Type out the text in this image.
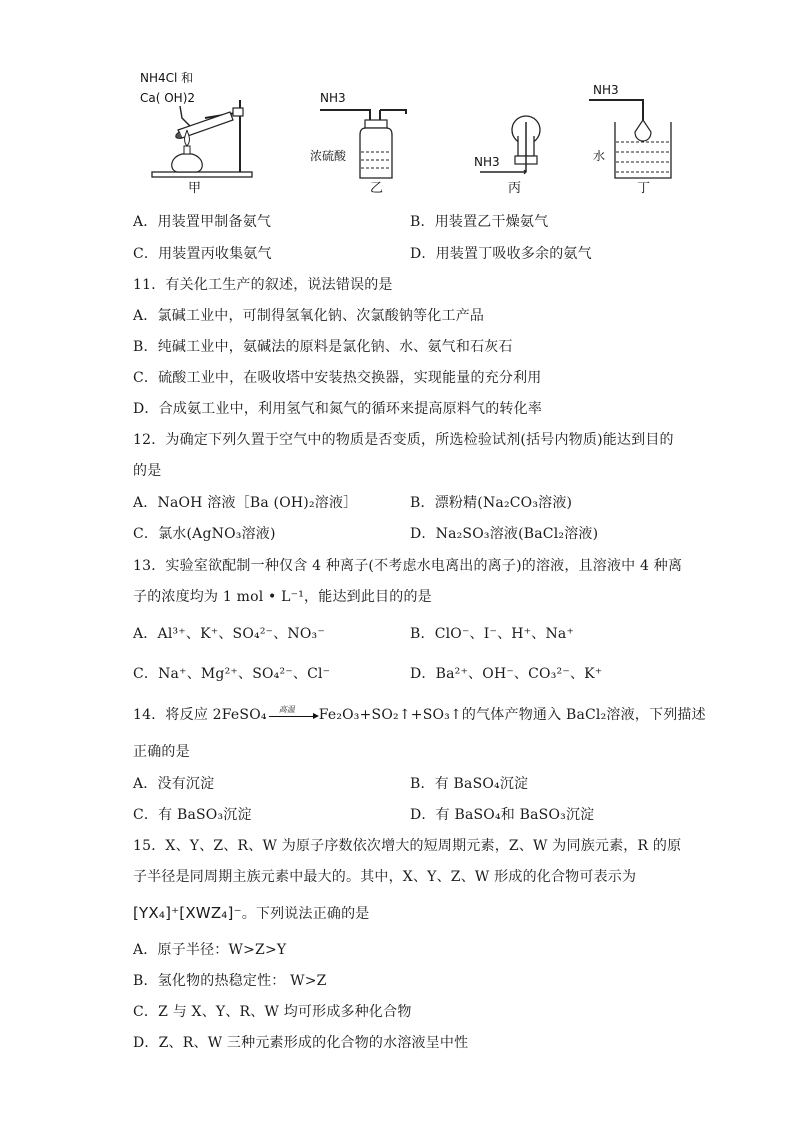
NH4Cl 和
Ca( OH)2
甲
NH3
浓硫酸
乙
NH3
丙
NH3
水
丁
A．用装置甲制备氨气	B．用装置乙干燥氨气
C．用装置丙收集氨气	D．用装置丁吸收多余的氨气
11．有关化工生产的叙述，说法错误的是
A．氯碱工业中，可制得氢氧化钠、次氯酸钠等化工产品
B．纯碱工业中，氨碱法的原料是氯化钠、水、氨气和石灰石
C．硫酸工业中，在吸收塔中安装热交换器，实现能量的充分利用
D．合成氨工业中，利用氢气和氮气的循环来提高原料气的转化率
12．为确定下列久置于空气中的物质是否变质，所选检验试剂(括号内物质)能达到目的
的是
A．NaOH 溶液［Ba (OH)₂溶液］	B．漂粉精(Na₂CO₃溶液)
C．氯水(AgNO₃溶液)	D．Na₂SO₃溶液(BaCl₂溶液)
13．实验室欲配制一种仅含 4 种离子(不考虑水电离出的离子)的溶液，且溶液中 4 种离
子的浓度均为 1 mol • L⁻¹，能达到此目的的是
A．Al³⁺、K⁺、SO₄²⁻、NO₃⁻	B．ClO⁻、I⁻、H⁺、Na⁺
C．Na⁺、Mg²⁺、SO₄²⁻、Cl⁻	D．Ba²⁺、OH⁻、CO₃²⁻、K⁺
14．将反应 2FeSO₄ 高温 Fe₂O₃+SO₂↑+SO₃↑的气体产物通入 BaCl₂溶液，下列描述
正确的是
A．没有沉淀	B．有 BaSO₄沉淀
C．有 BaSO₃沉淀	D．有 BaSO₄和 BaSO₃沉淀
15．X、Y、Z、R、W 为原子序数依次增大的短周期元素，Z、W 为同族元素，R 的原
子半径是同周期主族元素中最大的。其中，X、Y、Z、W 形成的化合物可表示为
[YX₄]⁺[XWZ₄]⁻。下列说法正确的是
A．原子半径：W>Z>Y
B．氢化物的热稳定性： W>Z
C．Z 与 X、Y、R、W 均可形成多种化合物
D．Z、R、W 三种元素形成的化合物的水溶液呈中性
